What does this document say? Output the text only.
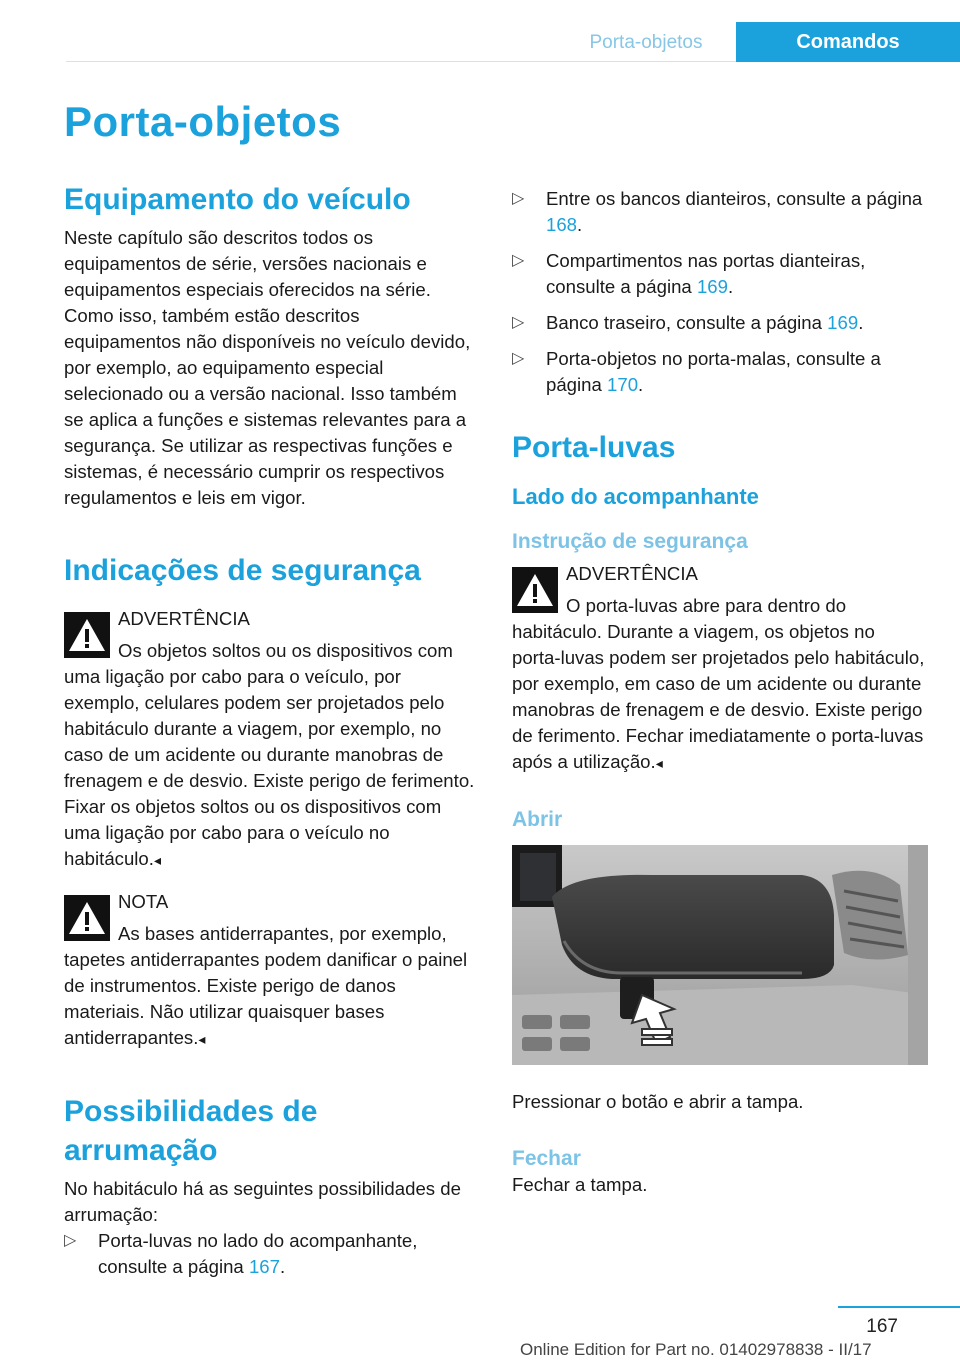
Porta-objetos	Comandos
Porta-objetos
Equipamento do veículo

Neste capítulo são descritos todos os equipamentos de série, versões nacionais e equipamentos especiais oferecidos na série. Como isso, também estão descritos equipamentos não disponíveis no veículo devido, por exemplo, ao equipamento especial selecionado ou a versão nacional. Isso também se aplica a funções e sistemas relevantes para a segurança. Se utilizar as respectivas funções e sistemas, é necessário cumprir os respectivos regulamentos e leis em vigor.

Indicações de segurança
ADVERTÊNCIA

Os objetos soltos ou os dispositivos com uma ligação por cabo para o veículo, por exemplo, celulares podem ser projetados pelo habitáculo durante a viagem, por exemplo, no caso de um acidente ou durante manobras de frenagem e de desvio. Existe perigo de ferimento. Fixar os objetos soltos ou os dispositivos com uma ligação por cabo para o veículo no habitáculo.◂

NOTA

As bases antiderrapantes, por exemplo, tapetes antiderrapantes podem danificar o painel de instrumentos. Existe perigo de danos materiais. Não utilizar quaisquer bases antiderrapantes.◂

Possibilidades de arrumação

No habitáculo há as seguintes possibilidades de arrumação:

▷ Porta-luvas no lado do acompanhante, consulte a página 167.
▷ Entre os bancos dianteiros, consulte a página 168.
▷ Compartimentos nas portas dianteiras, consulte a página 169.
▷ Banco traseiro, consulte a página 169.
▷ Porta-objetos no porta-malas, consulte a página 170.
Porta-luvas
Lado do acompanhante
Instrução de segurança
ADVERTÊNCIA

O porta-luvas abre para dentro do habitáculo. Durante a viagem, os objetos no porta-luvas podem ser projetados pelo habitáculo, por exemplo, em caso de um acidente ou durante manobras de frenagem e de desvio. Existe perigo de ferimento. Fechar imediatamente o porta-luvas após a utilização.◂

Abrir

Pressionar o botão e abrir a tampa.

Fechar

Fechar a tampa.

167
Online Edition for Part no. 01402978838 - II/17
